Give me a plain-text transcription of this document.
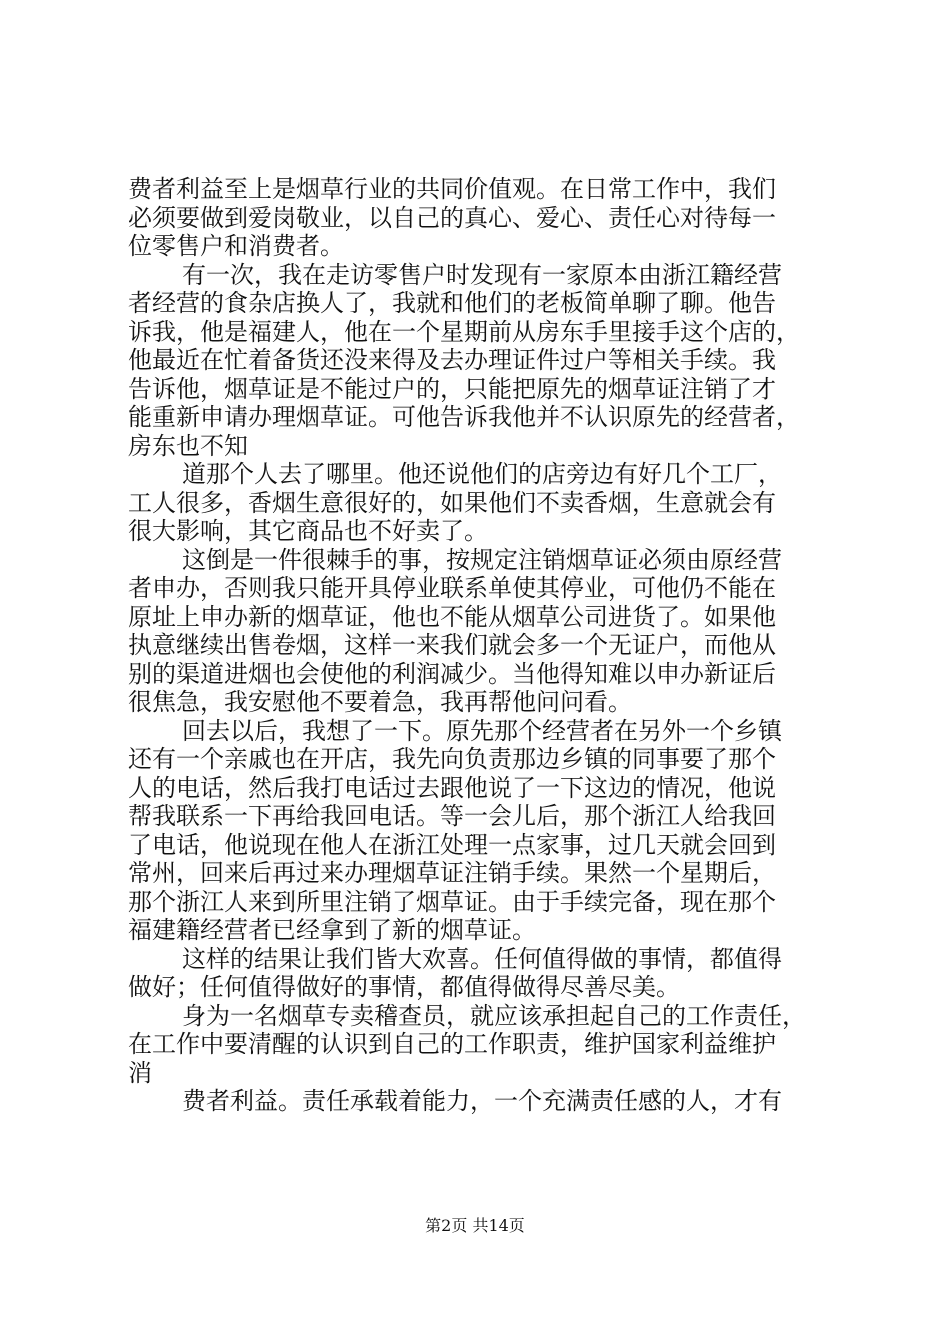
费者利益至上是烟草行业的共同价值观。在日常工作中，我们
必须要做到爱岗敬业，以自己的真心、爱心、责任心对待每一
位零售户和消费者。
有一次，我在走访零售户时发现有一家原本由浙江籍经营
者经营的食杂店换人了，我就和他们的老板简单聊了聊。他告
诉我，他是福建人，他在一个星期前从房东手里接手这个店的，
他最近在忙着备货还没来得及去办理证件过户等相关手续。我
告诉他，烟草证是不能过户的，只能把原先的烟草证注销了才
能重新申请办理烟草证。可他告诉我他并不认识原先的经营者，
房东也不知
道那个人去了哪里。他还说他们的店旁边有好几个工厂，
工人很多，香烟生意很好的，如果他们不卖香烟，生意就会有
很大影响，其它商品也不好卖了。
这倒是一件很棘手的事，按规定注销烟草证必须由原经营
者申办，否则我只能开具停业联系单使其停业，可他仍不能在
原址上申办新的烟草证，他也不能从烟草公司进货了。如果他
执意继续出售卷烟，这样一来我们就会多一个无证户，而他从
别的渠道进烟也会使他的利润减少。当他得知难以申办新证后
很焦急，我安慰他不要着急，我再帮他问问看。
回去以后，我想了一下。原先那个经营者在另外一个乡镇
还有一个亲戚也在开店，我先向负责那边乡镇的同事要了那个
人的电话，然后我打电话过去跟他说了一下这边的情况，他说
帮我联系一下再给我回电话。等一会儿后，那个浙江人给我回
了电话，他说现在他人在浙江处理一点家事，过几天就会回到
常州，回来后再过来办理烟草证注销手续。果然一个星期后，
那个浙江人来到所里注销了烟草证。由于手续完备，现在那个
福建籍经营者已经拿到了新的烟草证。
这样的结果让我们皆大欢喜。任何值得做的事情，都值得
做好；任何值得做好的事情，都值得做得尽善尽美。
身为一名烟草专卖稽查员，就应该承担起自己的工作责任，
在工作中要清醒的认识到自己的工作职责，维护国家利益维护
消
费者利益。责任承载着能力，一个充满责任感的人，才有
第2页 共14页
